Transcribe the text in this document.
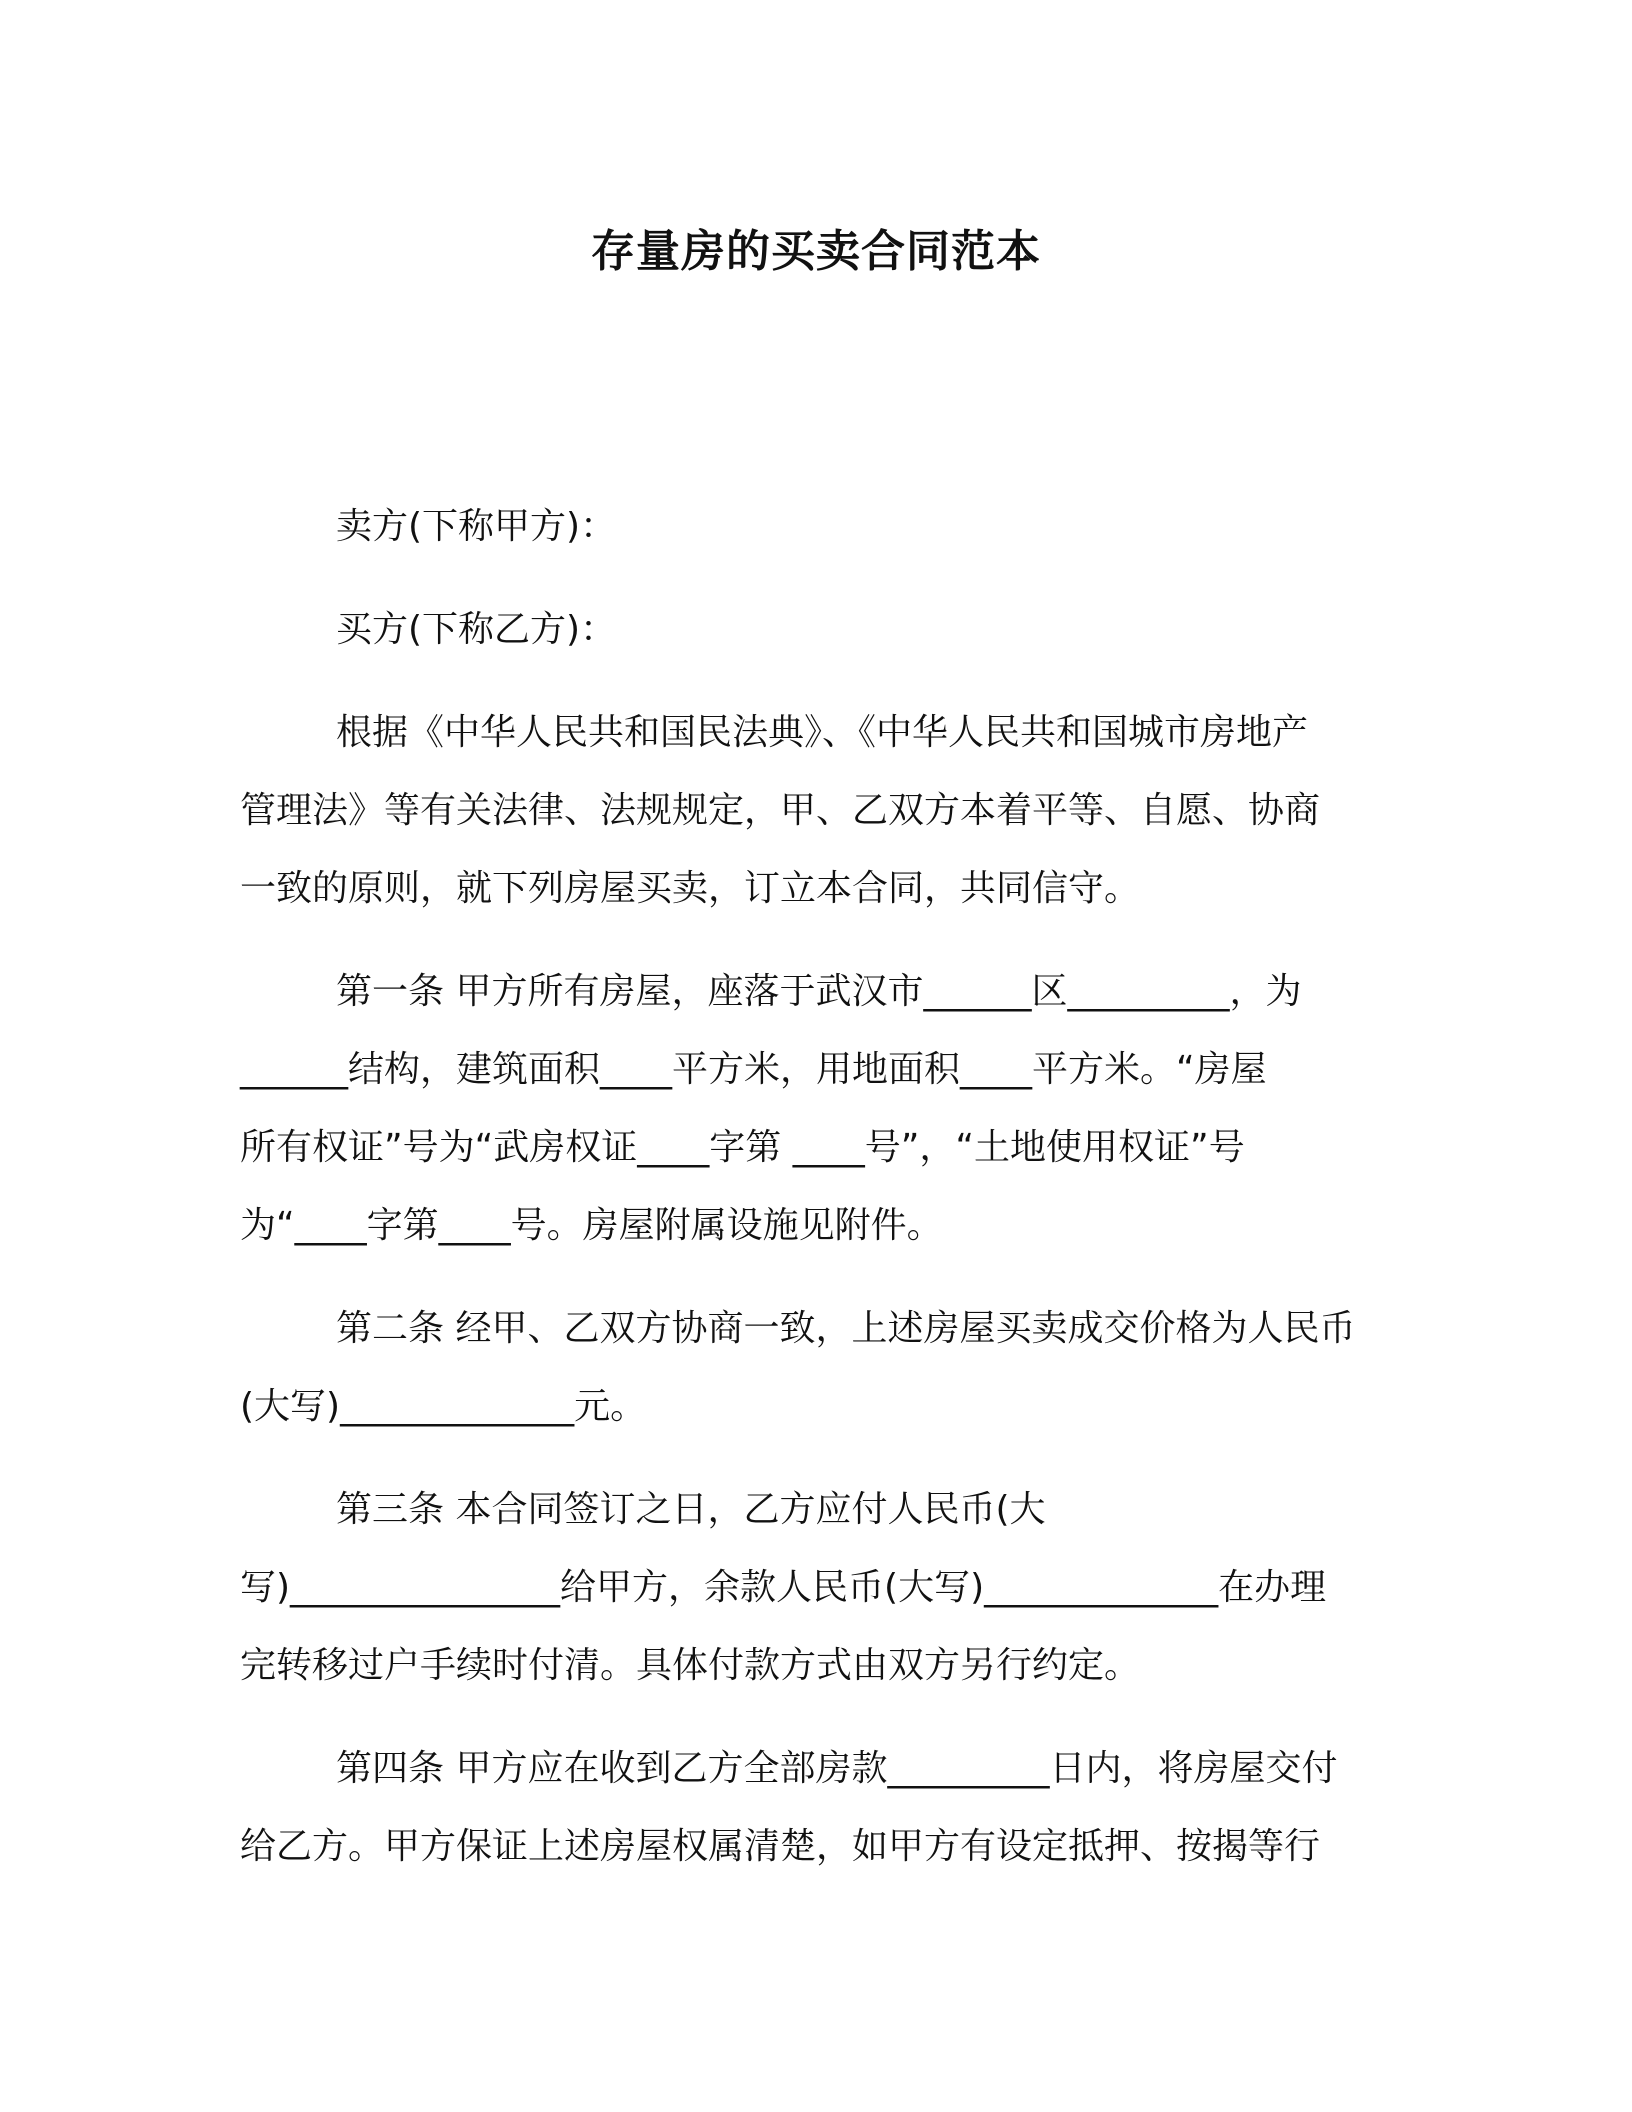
存量房的买卖合同范本
卖方(下称甲方)：
买方(下称乙方)：
根据《中华人民共和国民法典》、《中华人民共和国城市房地产
管理法》等有关法律、法规规定，甲、乙双方本着平等、自愿、协商
一致的原则，就下列房屋买卖，订立本合同，共同信守。
第一条 甲方所有房屋，座落于武汉市______区_________，为
______结构，建筑面积____平方米，用地面积____平方米。“房屋
所有权证”号为“武房权证____字第 ____号”，“土地使用权证”号
为“____字第____号。房屋附属设施见附件。
第二条 经甲、乙双方协商一致，上述房屋买卖成交价格为人民币
(大写)_____________元。
第三条 本合同签订之日，乙方应付人民币(大
写)_______________给甲方，余款人民币(大写)_____________在办理
完转移过户手续时付清。具体付款方式由双方另行约定。
第四条 甲方应在收到乙方全部房款_________日内，将房屋交付
给乙方。甲方保证上述房屋权属清楚，如甲方有设定抵押、按揭等行
